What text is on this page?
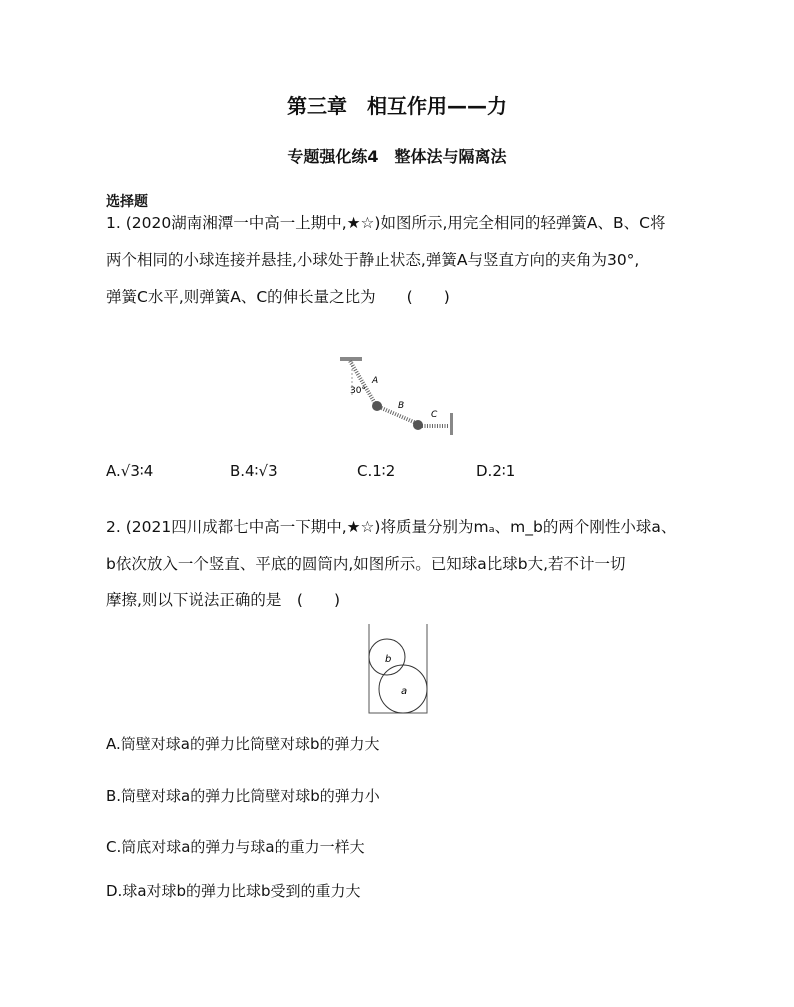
第三章　相互作用——力
专题强化练4　整体法与隔离法
选择题
1. (2020湖南湘潭一中高一上期中,★☆)如图所示,用完全相同的轻弹簧A、B、C将
两个相同的小球连接并悬挂,小球处于静止状态,弹簧A与竖直方向的夹角为30°,
弹簧C水平,则弹簧A、C的伸长量之比为　　(　　)
A
B
C
30°
A.√3∶4	B.4∶√3	C.1∶2	D.2∶1
2. (2021四川成都七中高一下期中,★☆)将质量分别为mₐ、m_b的两个刚性小球a、
b依次放入一个竖直、平底的圆筒内,如图所示。已知球a比球b大,若不计一切
摩擦,则以下说法正确的是　(　　)
b
a
A.筒壁对球a的弹力比筒壁对球b的弹力大
B.筒壁对球a的弹力比筒壁对球b的弹力小
C.筒底对球a的弹力与球a的重力一样大
D.球a对球b的弹力比球b受到的重力大
